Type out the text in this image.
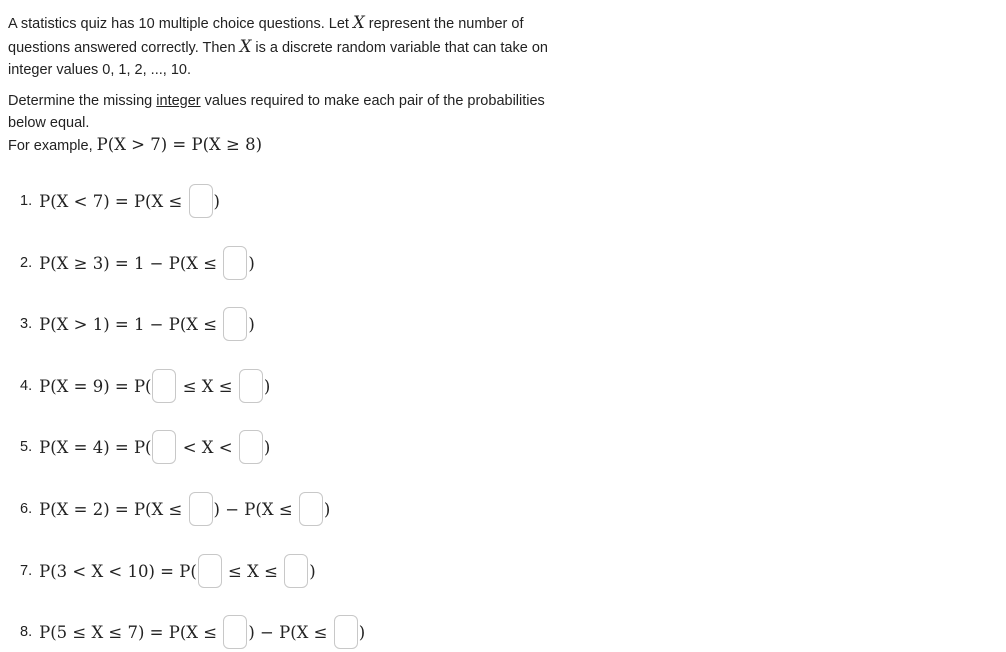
A statistics quiz has 10 multiple choice questions. Let X represent the number of questions answered correctly. Then X is a discrete random variable that can take on integer values 0, 1, 2, ..., 10.

Determine the missing integer values required to make each pair of the probabilities below equal.

For example, P(X > 7) = P(X ≥ 8)
1. P(X < 7) = P(X ≤ )
2. P(X ≥ 3) = 1 − P(X ≤ )
3. P(X > 1) = 1 − P(X ≤ )
4. P(X = 9) = P( ≤ X ≤ )
5. P(X = 4) = P( < X < )
6. P(X = 2) = P(X ≤ ) − P(X ≤ )
7. P(3 < X < 10) = P( ≤ X ≤ )
8. P(5 ≤ X ≤ 7) = P(X ≤ ) − P(X ≤ )
